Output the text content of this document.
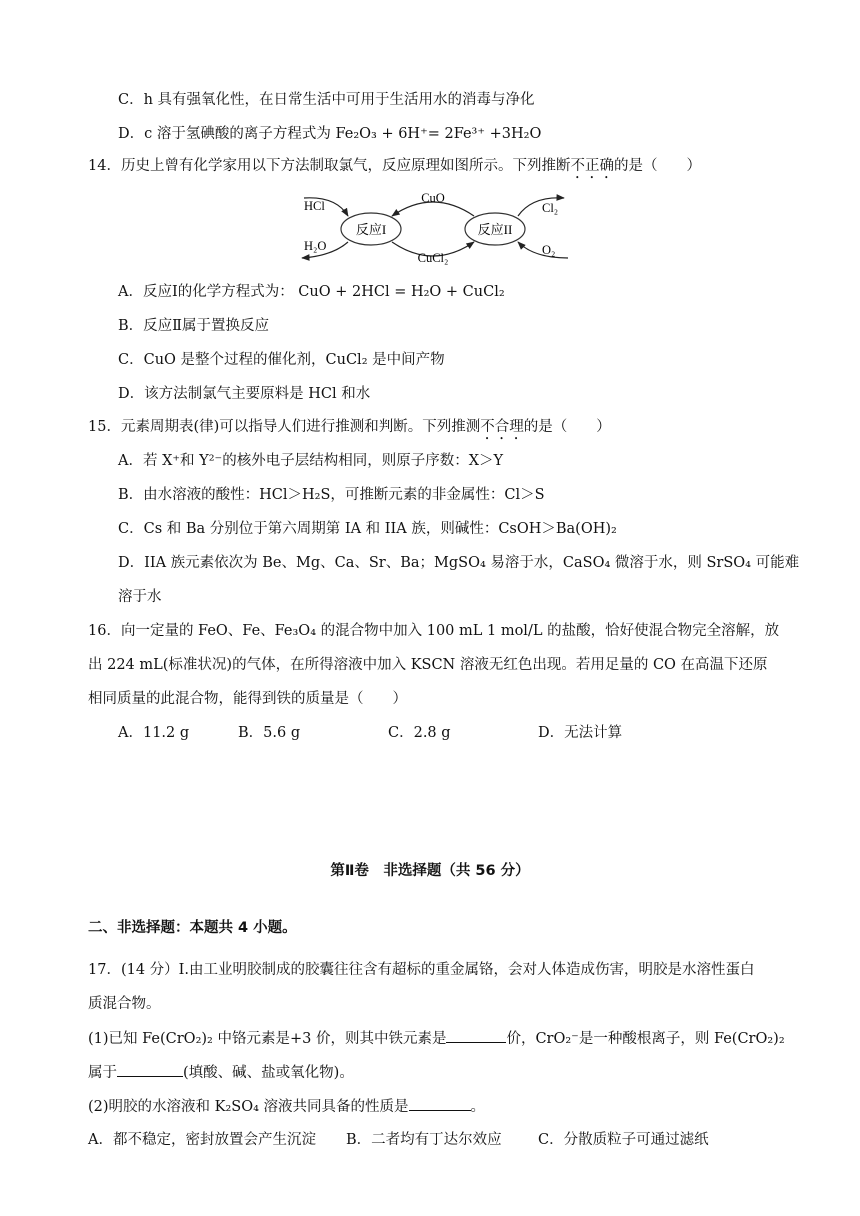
C．h 具有强氧化性，在日常生活中可用于生活用水的消毒与净化
D．c 溶于氢碘酸的离子方程式为 Fe₂O₃ + 6H⁺= 2Fe³⁺ +3H₂O
14．历史上曾有化学家用以下方法制取氯气，反应原理如图所示。下列推断不正确的是（　　）
反应I	反应II
CuO
CuCl₂
HCl
H₂O
Cl₂
O₂
A．反应Ⅰ的化学方程式为： CuO + 2HCl = H₂O + CuCl₂
B．反应Ⅱ属于置换反应
C．CuO 是整个过程的催化剂，CuCl₂ 是中间产物
D．该方法制氯气主要原料是 HCl 和水
15．元素周期表(律)可以指导人们进行推测和判断。下列推测不合理的是（　　）
A．若 X⁺和 Y²⁻的核外电子层结构相同，则原子序数：X＞Y
B．由水溶液的酸性：HCl＞H₂S，可推断元素的非金属性：Cl＞S
C．Cs 和 Ba 分别位于第六周期第 IA 和 IIA 族，则碱性：CsOH＞Ba(OH)₂
D．IIA 族元素依次为 Be、Mg、Ca、Sr、Ba；MgSO₄ 易溶于水，CaSO₄ 微溶于水，则 SrSO₄ 可能难
溶于水
16．向一定量的 FeO、Fe、Fe₃O₄ 的混合物中加入 100 mL 1 mol/L 的盐酸，恰好使混合物完全溶解，放
出 224 mL(标准状况)的气体，在所得溶液中加入 KSCN 溶液无红色出现。若用足量的 CO 在高温下还原
相同质量的此混合物，能得到铁的质量是（　　）
A．11.2 g	B．5.6 g	C．2.8 g	D．无法计算
第Ⅱ卷　非选择题（共 56 分）
二、非选择题：本题共 4 小题。
17．(14 分）I.由工业明胶制成的胶囊往往含有超标的重金属铬，会对人体造成伤害，明胶是水溶性蛋白
质混合物。
(1)已知 Fe(CrO₂)₂ 中铬元素是+3 价，则其中铁元素是	价，CrO₂⁻是一种酸根离子，则 Fe(CrO₂)₂
属于	(填酸、碱、盐或氧化物)。
(2)明胶的水溶液和 K₂SO₄ 溶液共同具备的性质是	。
A．都不稳定，密封放置会产生沉淀 B．二者均有丁达尔效应	C．分散质粒子可通过滤纸
